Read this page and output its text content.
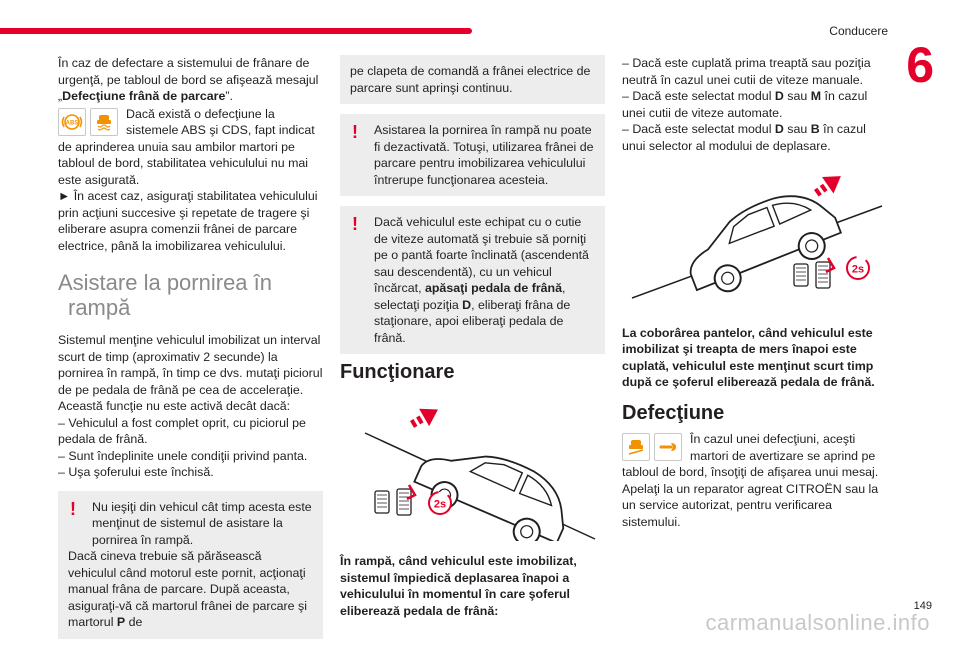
Conducere
6

În caz de defectare a sistemului de frânare de urgenţă, pe tabloul de bord se afişează mesajul „Defecţiune frână de parcare”.

ABS

Dacă există o defecţiune la sistemele ABS şi CDS, fapt indicat de aprinderea unuia sau ambilor martori pe tabloul de bord, stabilitatea vehiculului nu mai este asigurată.

► În acest caz, asiguraţi stabilitatea vehiculului prin acţiuni succesive şi repetate de tragere şi eliberare asupra comenzii frânei de parcare electrice, până la imobilizarea vehiculului.

Asistare la pornirea în
rampă

Sistemul menţine vehiculul imobilizat un interval scurt de timp (aproximativ 2 secunde) la pornirea în rampă, în timp ce dvs. mutaţi piciorul de pe pedala de frână pe cea de acceleraţie.

Această funcţie nu este activă decât dacă:

– Vehiculul a fost complet oprit, cu piciorul pe pedala de frână.

– Sunt îndeplinite unele condiţii privind panta.

– Uşa şoferului este închisă.

!	Nu ieşiţi din vehicul cât timp acesta este menţinut de sistemul de asistare la pornirea în rampă.

Dacă cineva trebuie să părăsească vehiculul când motorul este pornit, acţionaţi manual frâna de parcare. După aceasta, asiguraţi-vă că martorul frânei de parcare şi martorul P de

pe clapeta de comandă a frânei electrice de parcare sunt aprinşi continuu.

!	Asistarea la pornirea în rampă nu poate fi dezactivată. Totuşi, utilizarea frânei de parcare pentru imobilizarea vehiculului întrerupe funcţionarea acesteia.

!	Dacă vehiculul este echipat cu o cutie de viteze automată şi trebuie să porniţi pe o pantă foarte înclinată (ascendentă sau descendentă), cu un vehicul încărcat, apăsaţi pedala de frână, selectaţi poziţia D, eliberaţi frâna de staţionare, apoi eliberaţi pedala de frână.

Funcţionare
2s

În rampă, când vehiculul este imobilizat, sistemul împiedică deplasarea înapoi a vehiculului în momentul în care şoferul eliberează pedala de frână:

– Dacă este cuplată prima treaptă sau poziţia neutră în cazul unei cutii de viteze manuale.

– Dacă este selectat modul D sau M în cazul unei cutii de viteze automate.

– Dacă este selectat modul D sau B în cazul unui selector al modului de deplasare.

2s

La coborârea pantelor, când vehiculul este imobilizat şi treapta de mers înapoi este cuplată, vehiculul este menţinut scurt timp după ce şoferul eliberează pedala de frână.

Defecţiune

În cazul unei defecţiuni, aceşti martori de avertizare se aprind pe tabloul de bord, însoţiţi de afişarea unui mesaj. Apelaţi la un reparator agreat CITROËN sau la un service autorizat, pentru verificarea sistemului.

carmanualsonline.info
149
